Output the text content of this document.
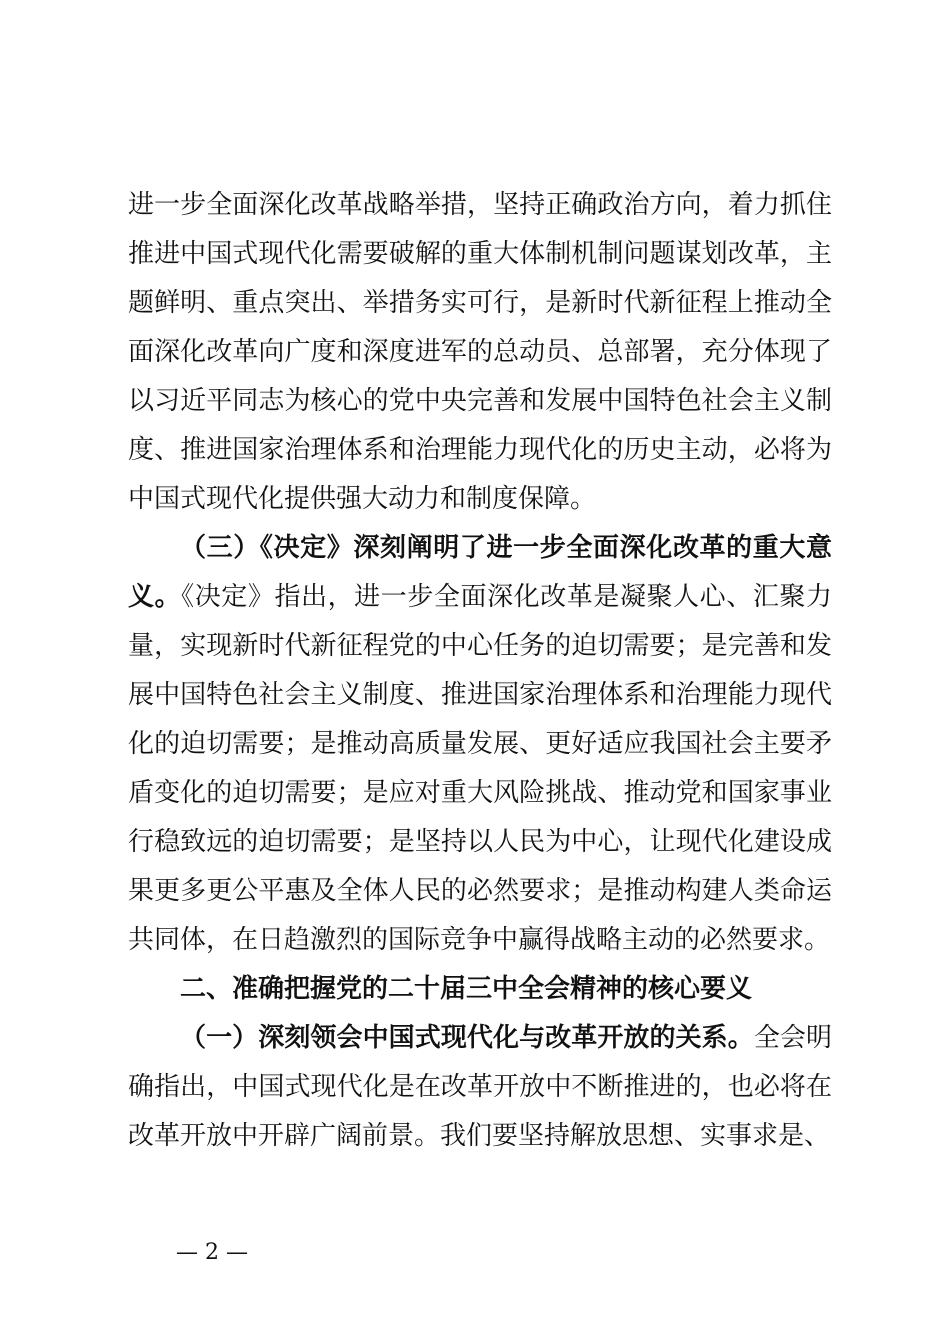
进一步全面深化改革战略举措，坚持正确政治方向，着力抓住推进中国式现代化需要破解的重大体制机制问题谋划改革，主题鲜明、重点突出、举措务实可行，是新时代新征程上推动全面深化改革向广度和深度进军的总动员、总部署，充分体现了以习近平同志为核心的党中央完善和发展中国特色社会主义制度、推进国家治理体系和治理能力现代化的历史主动，必将为中国式现代化提供强大动力和制度保障。

（三）《决定》深刻阐明了进一步全面深化改革的重大意义。《决定》指出，进一步全面深化改革是凝聚人心、汇聚力量，实现新时代新征程党的中心任务的迫切需要；是完善和发展中国特色社会主义制度、推进国家治理体系和治理能力现代化的迫切需要；是推动高质量发展、更好适应我国社会主要矛盾变化的迫切需要；是应对重大风险挑战、推动党和国家事业行稳致远的迫切需要；是坚持以人民为中心，让现代化建设成果更多更公平惠及全体人民的必然要求；是推动构建人类命运共同体，在日趋激烈的国际竞争中赢得战略主动的必然要求。

二、准确把握党的二十届三中全会精神的核心要义

（一）深刻领会中国式现代化与改革开放的关系。全会明确指出，中国式现代化是在改革开放中不断推进的，也必将在改革开放中开辟广阔前景。我们要坚持解放思想、实事求是、

— 2 —
